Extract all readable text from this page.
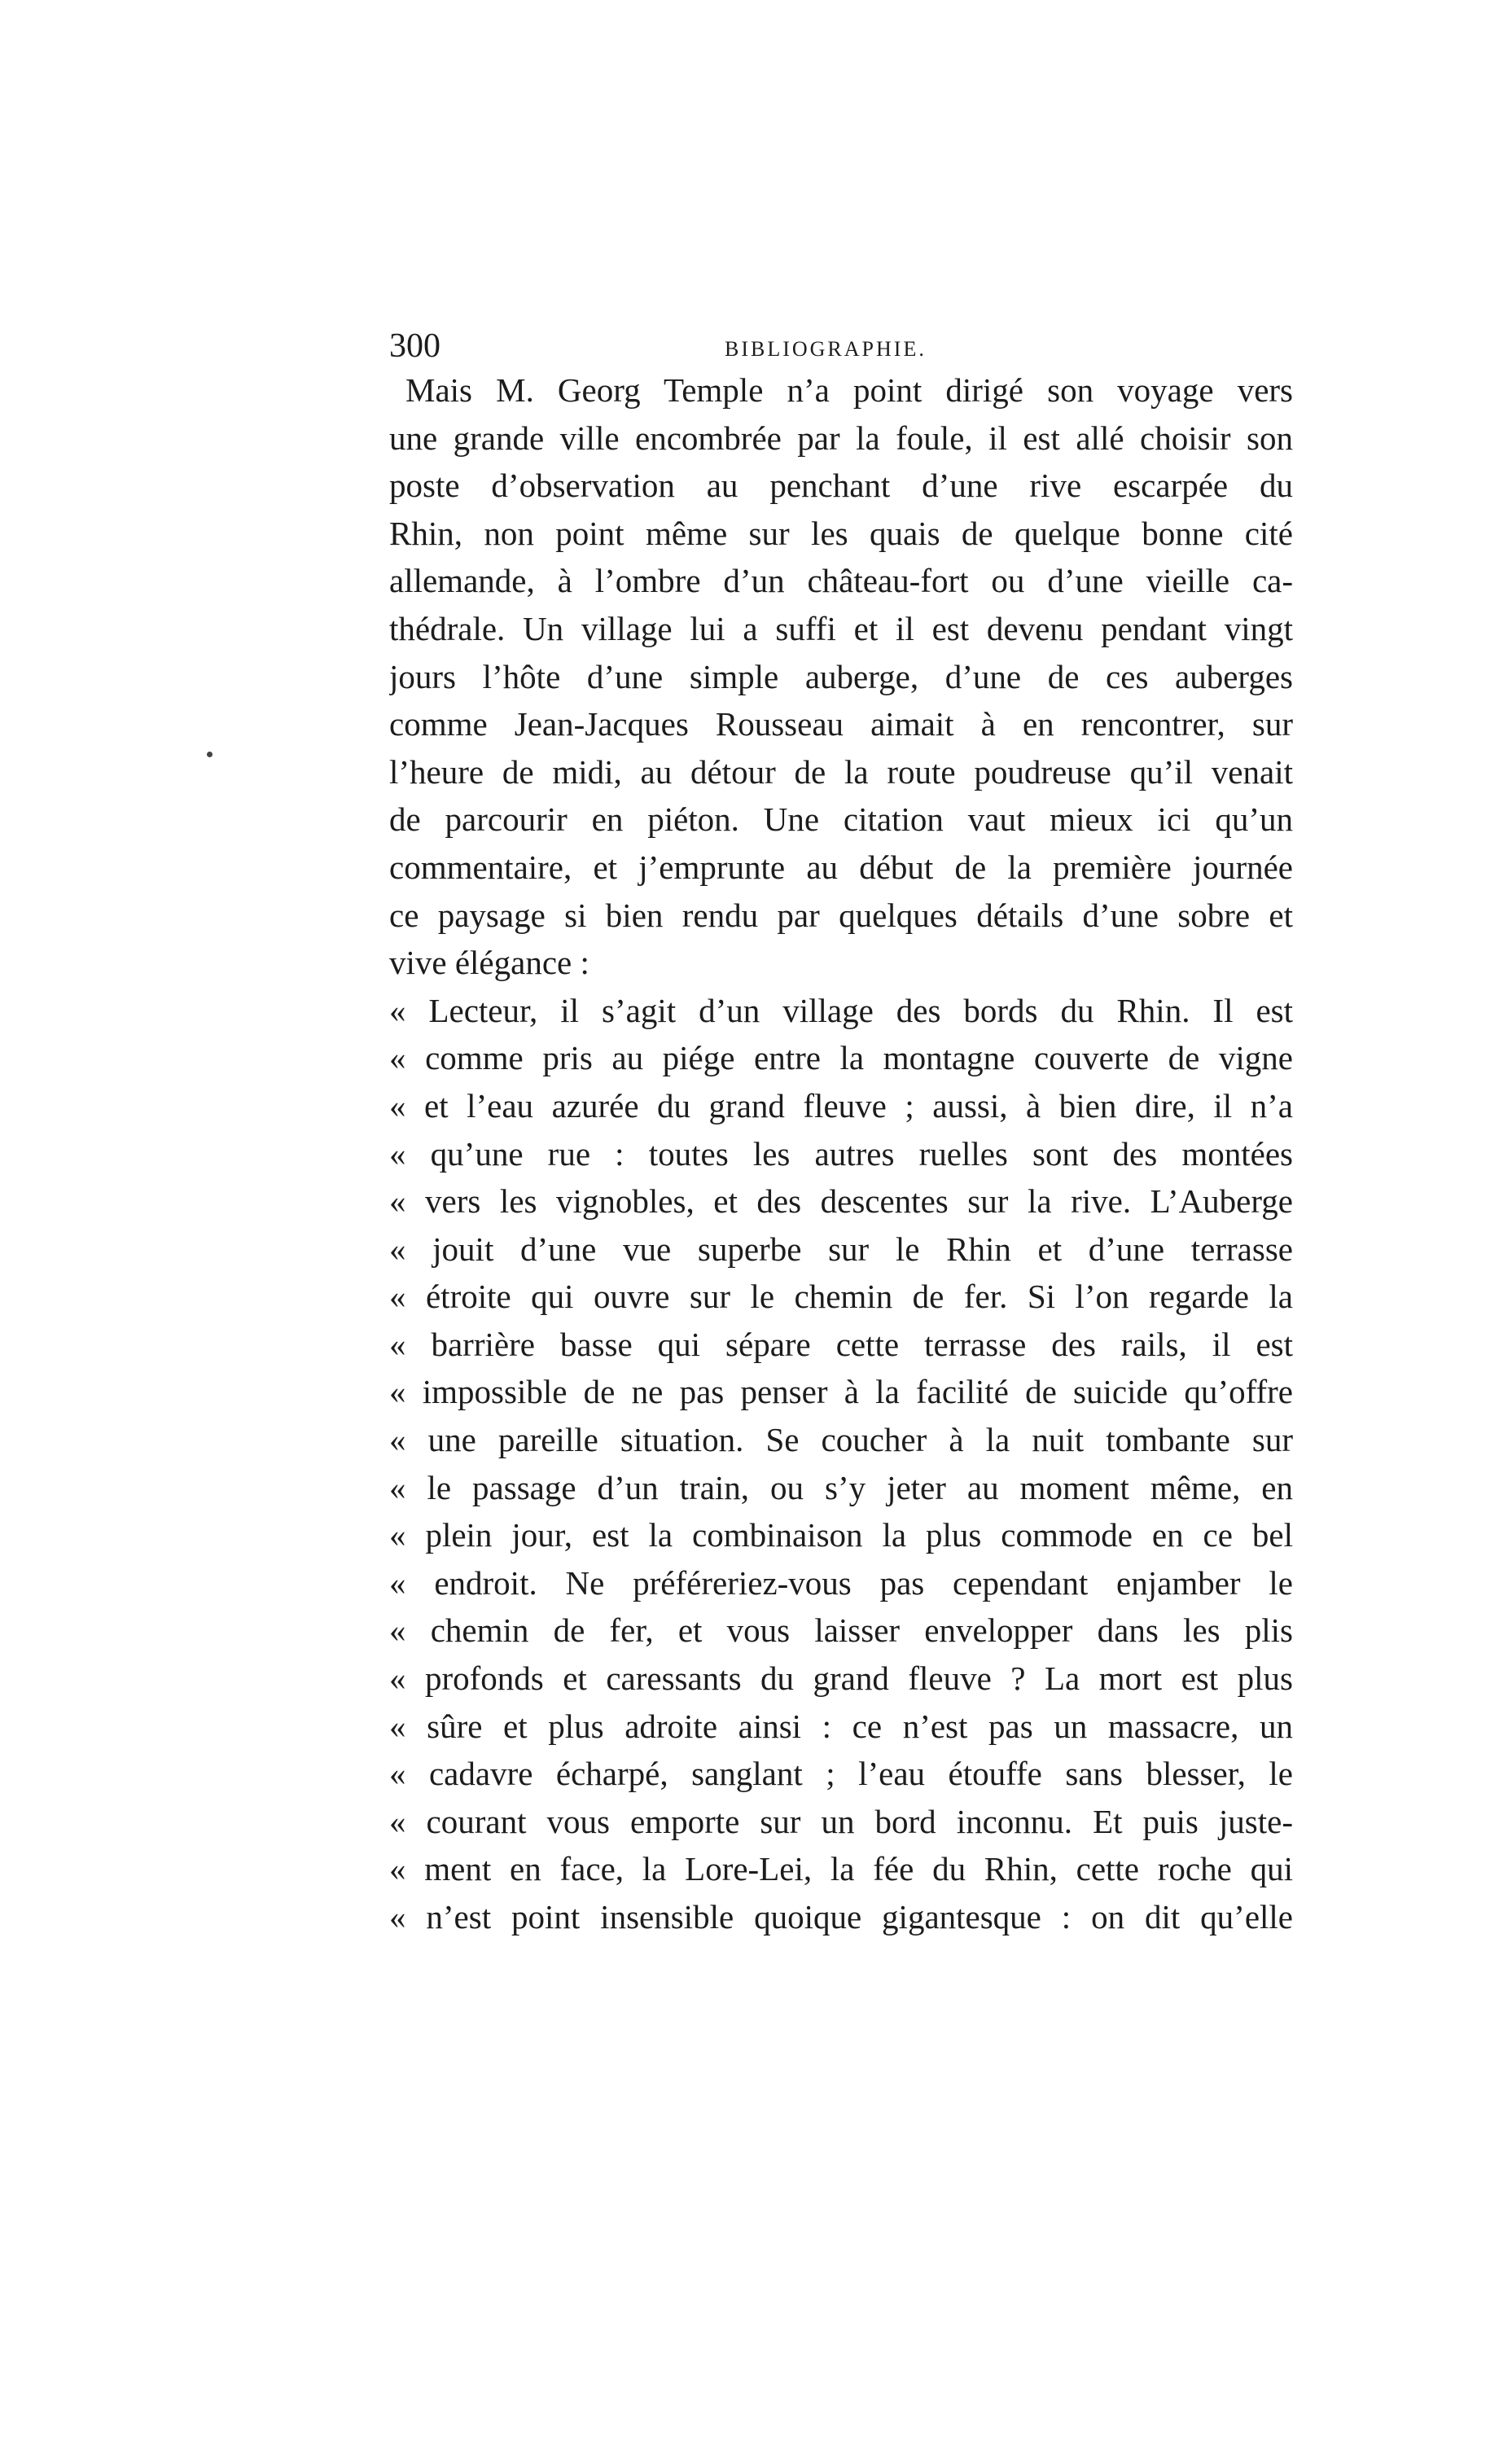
300	BIBLIOGRAPHIE.
Mais M. Georg Temple n’a point dirigé son voyage vers
une grande ville encombrée par la foule, il est allé choisir son
poste d’observation au penchant d’une rive escarpée du
Rhin, non point même sur les quais de quelque bonne cité
allemande, à l’ombre d’un château-fort ou d’une vieille ca-
thédrale. Un village lui a suffi et il est devenu pendant vingt
jours l’hôte d’une simple auberge, d’une de ces auberges
comme Jean-Jacques Rousseau aimait à en rencontrer, sur
l’heure de midi, au détour de la route poudreuse qu’il venait
de parcourir en piéton. Une citation vaut mieux ici qu’un
commentaire, et j’emprunte au début de la première journée
ce paysage si bien rendu par quelques détails d’une sobre et
vive élégance :
« Lecteur, il s’agit d’un village des bords du Rhin. Il est
« comme pris au piége entre la montagne couverte de vigne
« et l’eau azurée du grand fleuve ; aussi, à bien dire, il n’a
« qu’une rue : toutes les autres ruelles sont des montées
« vers les vignobles, et des descentes sur la rive. L’Auberge
« jouit d’une vue superbe sur le Rhin et d’une terrasse
« étroite qui ouvre sur le chemin de fer. Si l’on regarde la
« barrière basse qui sépare cette terrasse des rails, il est
« impossible de ne pas penser à la facilité de suicide qu’offre
« une pareille situation. Se coucher à la nuit tombante sur
« le passage d’un train, ou s’y jeter au moment même, en
« plein jour, est la combinaison la plus commode en ce bel
« endroit. Ne préféreriez-vous pas cependant enjamber le
« chemin de fer, et vous laisser envelopper dans les plis
« profonds et caressants du grand fleuve ? La mort est plus
« sûre et plus adroite ainsi : ce n’est pas un massacre, un
« cadavre écharpé, sanglant ; l’eau étouffe sans blesser, le
« courant vous emporte sur un bord inconnu. Et puis juste-
« ment en face, la Lore-Lei, la fée du Rhin, cette roche qui
« n’est point insensible quoique gigantesque : on dit qu’elle
